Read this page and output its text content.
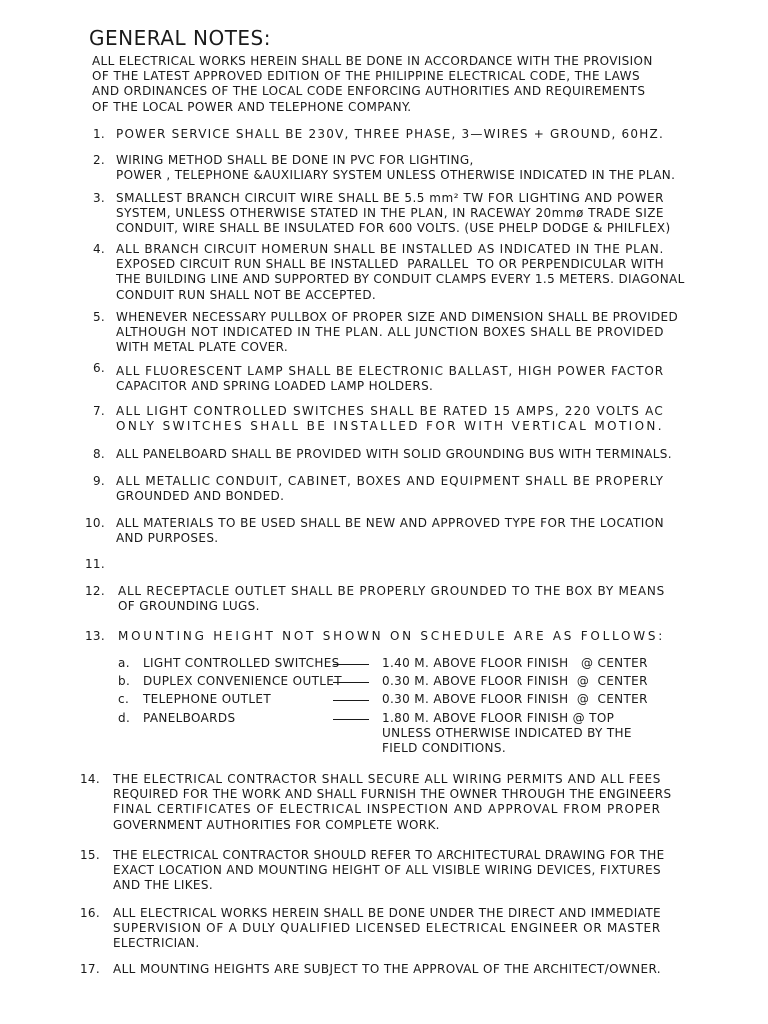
GENERAL NOTES:
ALL ELECTRICAL WORKS HEREIN SHALL BE DONE IN ACCORDANCE WITH THE PROVISION
OF THE LATEST APPROVED EDITION OF THE PHILIPPINE ELECTRICAL CODE, THE LAWS
AND ORDINANCES OF THE LOCAL CODE ENFORCING AUTHORITIES AND REQUIREMENTS
OF THE LOCAL POWER AND TELEPHONE COMPANY.
1. POWER SERVICE SHALL BE 230V, THREE PHASE, 3—WIRES + GROUND, 60HZ.
2. WIRING METHOD SHALL BE DONE IN PVC FOR LIGHTING,
POWER , TELEPHONE &AUXILIARY SYSTEM UNLESS OTHERWISE INDICATED IN THE PLAN.
3. SMALLEST BRANCH CIRCUIT WIRE SHALL BE 5.5 mm² TW FOR LIGHTING AND POWER
SYSTEM, UNLESS OTHERWISE STATED IN THE PLAN, IN RACEWAY 20mmø TRADE SIZE
CONDUIT, WIRE SHALL BE INSULATED FOR 600 VOLTS. (USE PHELP DODGE & PHILFLEX)
4. ALL BRANCH CIRCUIT HOMERUN SHALL BE INSTALLED AS INDICATED IN THE PLAN.
EXPOSED CIRCUIT RUN SHALL BE INSTALLED  PARALLEL  TO OR PERPENDICULAR WITH
THE BUILDING LINE AND SUPPORTED BY CONDUIT CLAMPS EVERY 1.5 METERS. DIAGONAL
CONDUIT RUN SHALL NOT BE ACCEPTED.
5. WHENEVER NECESSARY PULLBOX OF PROPER SIZE AND DIMENSION SHALL BE PROVIDED
ALTHOUGH NOT INDICATED IN THE PLAN. ALL JUNCTION BOXES SHALL BE PROVIDED
WITH METAL PLATE COVER.
6. ALL FLUORESCENT LAMP SHALL BE ELECTRONIC BALLAST, HIGH POWER FACTOR
CAPACITOR AND SPRING LOADED LAMP HOLDERS.
7. ALL LIGHT CONTROLLED SWITCHES SHALL BE RATED 15 AMPS, 220 VOLTS AC
ONLY SWITCHES SHALL BE INSTALLED FOR WITH VERTICAL MOTION.
8. ALL PANELBOARD SHALL BE PROVIDED WITH SOLID GROUNDING BUS WITH TERMINALS.
9. ALL METALLIC CONDUIT, CABINET, BOXES AND EQUIPMENT SHALL BE PROPERLY
GROUNDED AND BONDED.
10. ALL MATERIALS TO BE USED SHALL BE NEW AND APPROVED TYPE FOR THE LOCATION
AND PURPOSES.
11.
12. ALL RECEPTACLE OUTLET SHALL BE PROPERLY GROUNDED TO THE BOX BY MEANS
OF GROUNDING LUGS.
13. MOUNTING HEIGHT NOT SHOWN ON SCHEDULE ARE AS FOLLOWS:
14. THE ELECTRICAL CONTRACTOR SHALL SECURE ALL WIRING PERMITS AND ALL FEES
REQUIRED FOR THE WORK AND SHALL FURNISH THE OWNER THROUGH THE ENGINEERS
FINAL CERTIFICATES OF ELECTRICAL INSPECTION AND APPROVAL FROM PROPER
GOVERNMENT AUTHORITIES FOR COMPLETE WORK.
15. THE ELECTRICAL CONTRACTOR SHOULD REFER TO ARCHITECTURAL DRAWING FOR THE
EXACT LOCATION AND MOUNTING HEIGHT OF ALL VISIBLE WIRING DEVICES, FIXTURES
AND THE LIKES.
16. ALL ELECTRICAL WORKS HEREIN SHALL BE DONE UNDER THE DIRECT AND IMMEDIATE
SUPERVISION OF A DULY QUALIFIED LICENSED ELECTRICAL ENGINEER OR MASTER
ELECTRICIAN.
17. ALL MOUNTING HEIGHTS ARE SUBJECT TO THE APPROVAL OF THE ARCHITECT/OWNER.
a. LIGHT CONTROLLED SWITCHES	1.40 M. ABOVE FLOOR FINISH   @ CENTER
b. DUPLEX CONVENIENCE OUTLET	0.30 M. ABOVE FLOOR FINISH  @  CENTER
c. TELEPHONE OUTLET	0.30 M. ABOVE FLOOR FINISH  @  CENTER
d. PANELBOARDS	1.80 M. ABOVE FLOOR FINISH @ TOP
UNLESS OTHERWISE INDICATED BY THE
FIELD CONDITIONS.
